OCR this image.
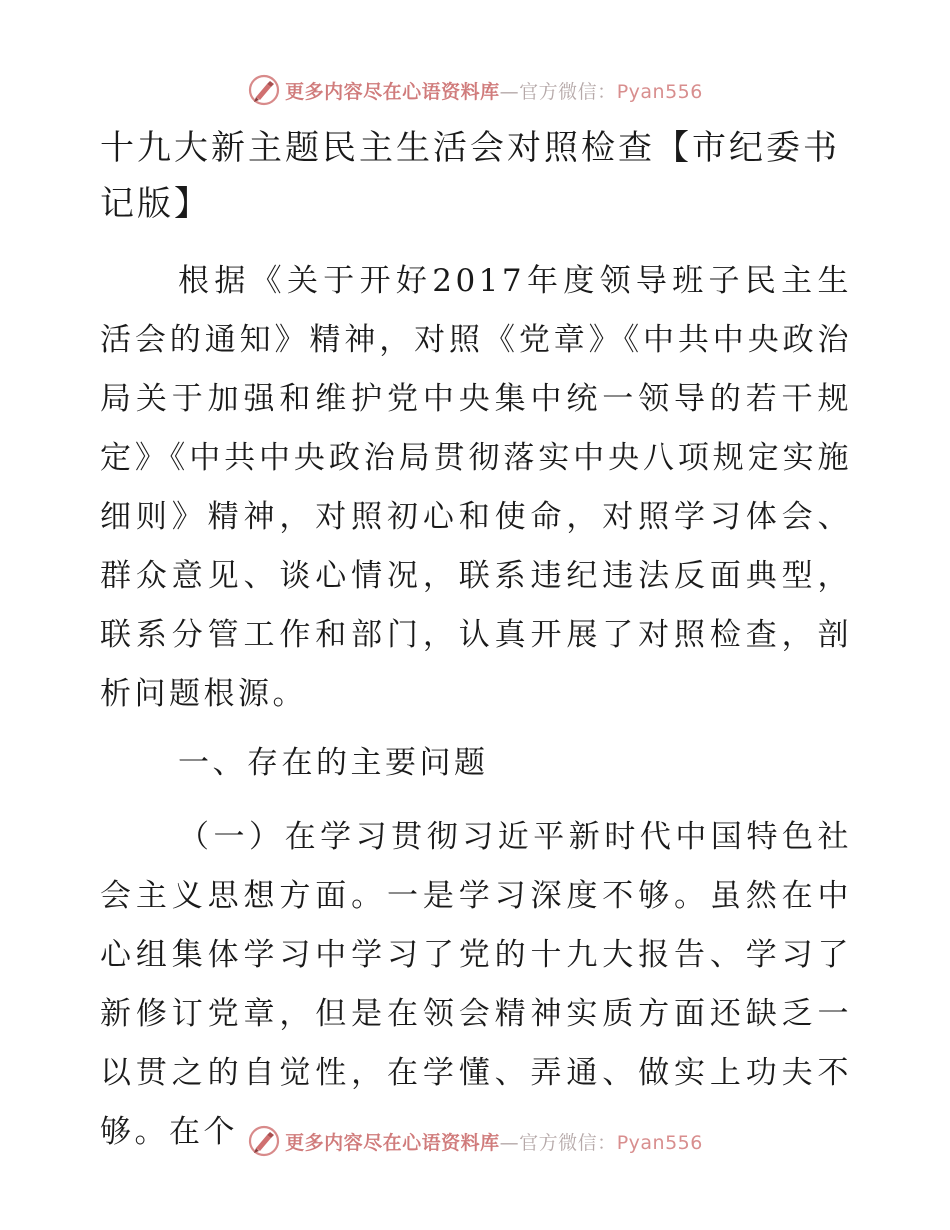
更多内容尽在心语资料库—官方微信：Pyan556
十九大新主题民主生活会对照检查【市纪委书记版】

根据《关于开好2017年度领导班子民主生活会的通知》精神，对照《党章》《中共中央政治局关于加强和维护党中央集中统一领导的若干规定》《中共中央政治局贯彻落实中央八项规定实施细则》精神，对照初心和使命，对照学习体会、群众意见、谈心情况，联系违纪违法反面典型，联系分管工作和部门，认真开展了对照检查，剖析问题根源。

一、存在的主要问题

（一）在学习贯彻习近平新时代中国特色社会主义思想方面。一是学习深度不够。虽然在中心组集体学习中学习了党的十九大报告、学习了新修订党章，但是在领会精神实质方面还缺乏一以贯之的自觉性，在学懂、弄通、做实上功夫不够。在个	更多内容尽在心语资料库—官方微信：Pyan556
